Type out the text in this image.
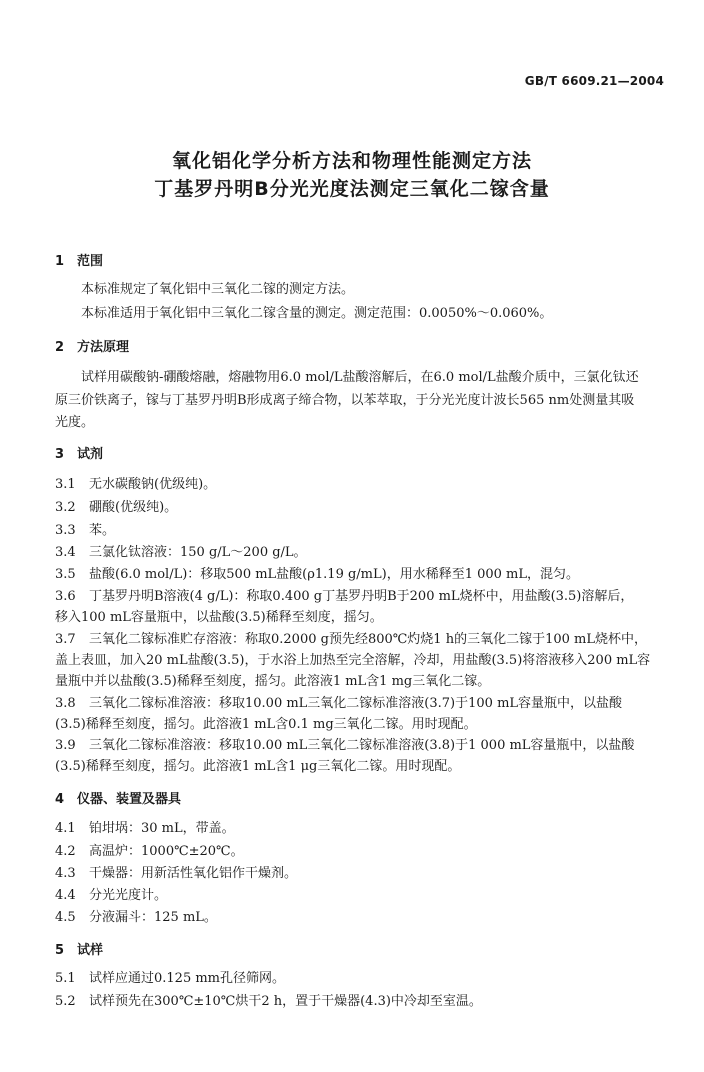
GB/T 6609.21—2004
氧化铝化学分析方法和物理性能测定方法
丁基罗丹明B分光光度法测定三氧化二镓含量
1 范围
本标准规定了氧化铝中三氧化二镓的测定方法。
本标准适用于氧化铝中三氧化二镓含量的测定。测定范围：0.0050%～0.060%。
2 方法原理
试样用碳酸钠-硼酸熔融，熔融物用6.0 mol/L盐酸溶解后，在6.0 mol/L盐酸介质中，三氯化钛还
原三价铁离子，镓与丁基罗丹明B形成离子缔合物，以苯萃取，于分光光度计波长565 nm处测量其吸
光度。
3 试剂
3.1 无水碳酸钠(优级纯)。
3.2 硼酸(优级纯)。
3.3 苯。
3.4 三氯化钛溶液：150 g/L～200 g/L。
3.5 盐酸(6.0 mol/L)：移取500 mL盐酸(ρ1.19 g/mL)，用水稀释至1 000 mL，混匀。
3.6 丁基罗丹明B溶液(4 g/L)：称取0.400 g丁基罗丹明B于200 mL烧杯中，用盐酸(3.5)溶解后，
移入100 mL容量瓶中，以盐酸(3.5)稀释至刻度，摇匀。
3.7 三氧化二镓标准贮存溶液：称取0.2000 g预先经800℃灼烧1 h的三氧化二镓于100 mL烧杯中，
盖上表皿，加入20 mL盐酸(3.5)，于水浴上加热至完全溶解，冷却，用盐酸(3.5)将溶液移入200 mL容
量瓶中并以盐酸(3.5)稀释至刻度，摇匀。此溶液1 mL含1 mg三氧化二镓。
3.8 三氧化二镓标准溶液：移取10.00 mL三氧化二镓标准溶液(3.7)于100 mL容量瓶中，以盐酸
(3.5)稀释至刻度，摇匀。此溶液1 mL含0.1 mg三氧化二镓。用时现配。
3.9 三氧化二镓标准溶液：移取10.00 mL三氧化二镓标准溶液(3.8)于1 000 mL容量瓶中，以盐酸
(3.5)稀释至刻度，摇匀。此溶液1 mL含1 μg三氧化二镓。用时现配。
4 仪器、装置及器具
4.1 铂坩埚：30 mL，带盖。
4.2 高温炉：1000℃±20℃。
4.3 干燥器：用新活性氧化铝作干燥剂。
4.4 分光光度计。
4.5 分液漏斗：125 mL。
5 试样
5.1 试样应通过0.125 mm孔径筛网。
5.2 试样预先在300℃±10℃烘干2 h，置于干燥器(4.3)中冷却至室温。
